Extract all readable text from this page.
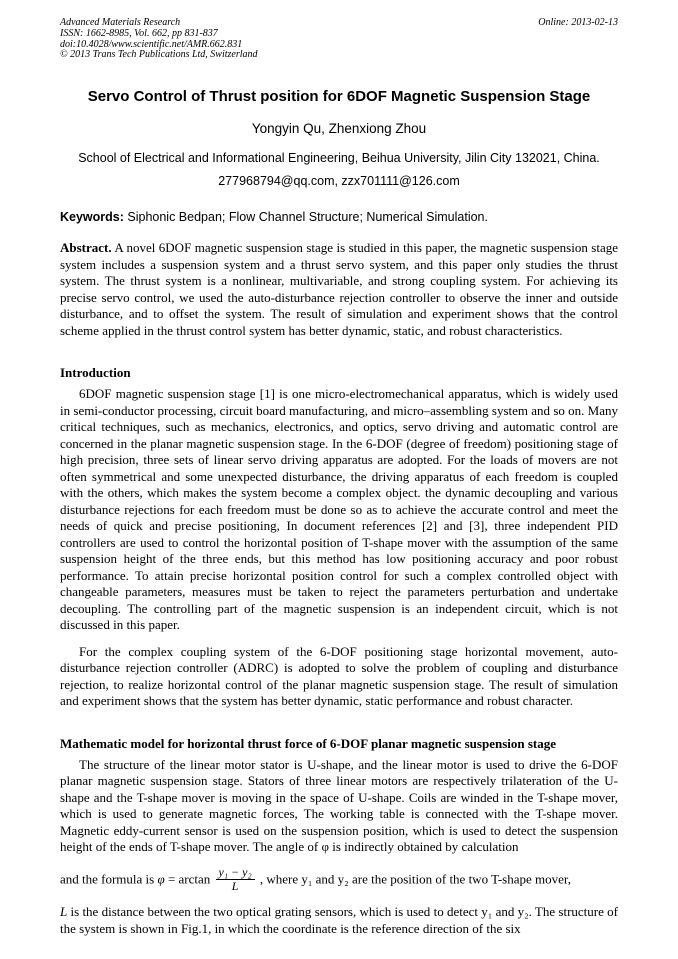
Advanced Materials Research
ISSN: 1662-8985, Vol. 662, pp 831-837
doi:10.4028/www.scientific.net/AMR.662.831
© 2013 Trans Tech Publications Ltd, Switzerland
Online: 2013-02-13
Servo Control of Thrust position for 6DOF Magnetic Suspension Stage
Yongyin Qu, Zhenxiong Zhou
School of Electrical and Informational Engineering, Beihua University, Jilin City 132021, China.
277968794@qq.com, zzx701111@126.com

Keywords: Siphonic Bedpan; Flow Channel Structure; Numerical Simulation.

Abstract. A novel 6DOF magnetic suspension stage is studied in this paper, the magnetic suspension stage system includes a suspension system and a thrust servo system, and this paper only studies the thrust system. The thrust system is a nonlinear, multivariable, and strong coupling system. For achieving its precise servo control, we used the auto-disturbance rejection controller to observe the inner and outside disturbance, and to offset the system. The result of simulation and experiment shows that the control scheme applied in the thrust control system has better dynamic, static, and robust characteristics.

Introduction

6DOF magnetic suspension stage [1] is one micro-electromechanical apparatus, which is widely used in semi-conductor processing, circuit board manufacturing, and micro–assembling system and so on. Many critical techniques, such as mechanics, electronics, and optics, servo driving and automatic control are concerned in the planar magnetic suspension stage. In the 6-DOF (degree of freedom) positioning stage of high precision, three sets of linear servo driving apparatus are adopted. For the loads of movers are not often symmetrical and some unexpected disturbance, the driving apparatus of each freedom is coupled with the others, which makes the system become a complex object. the dynamic decoupling and various disturbance rejections for each freedom must be done so as to achieve the accurate control and meet the needs of quick and precise positioning, In document references [2] and [3], three independent PID controllers are used to control the horizontal position of T-shape mover with the assumption of the same suspension height of the three ends, but this method has low positioning accuracy and poor robust performance. To attain precise horizontal position control for such a complex controlled object with changeable parameters, measures must be taken to reject the parameters perturbation and undertake decoupling. The controlling part of the magnetic suspension is an independent circuit, which is not discussed in this paper.

For the complex coupling system of the 6-DOF positioning stage horizontal movement, auto-disturbance rejection controller (ADRC) is adopted to solve the problem of coupling and disturbance rejection, to realize horizontal control of the planar magnetic suspension stage. The result of simulation and experiment shows that the system has better dynamic, static performance and robust character.

Mathematic model for horizontal thrust force of 6-DOF planar magnetic suspension stage

The structure of the linear motor stator is U-shape, and the linear motor is used to drive the 6-DOF planar magnetic suspension stage. Stators of three linear motors are respectively trilateration of the U-shape and the T-shape mover is moving in the space of U-shape. Coils are winded in the T-shape mover, which is used to generate magnetic forces, The working table is connected with the T-shape mover. Magnetic eddy-current sensor is used on the suspension position, which is used to detect the suspension height of the ends of T-shape mover. The angle of φ is indirectly obtained by calculation

and the formula is $\varphi = \arctan \frac{\text{y₁ − y₂}}{L}$ , where y₁ and y₂ are the position of the two T-shape mover,

L is the distance between the two optical grating sensors, which is used to detect y₁ and y₂. The structure of the system is shown in Fig.1, in which the coordinate is the reference direction of the six
